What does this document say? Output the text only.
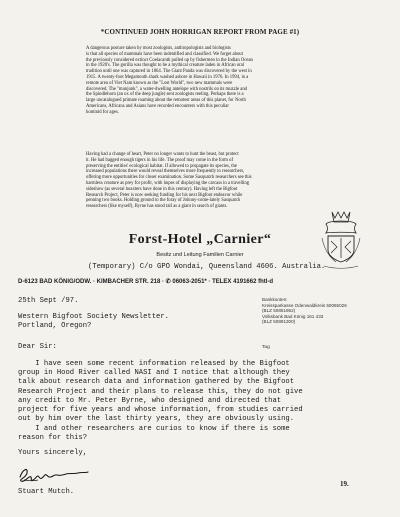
*CONTINUED JOHN HORRIGAN REPORT FROM PAGE #1)

A dangerous posture taken by most zoologists, anthropologists and biologists
is that all species of mammals have been indentified and classified. We forget about
the previously considered extinct Coelacanth pulled up by fishermen in the Indian Ocean
in the 1920's. The gorilla was thought to be a mythical creature laden in African oral
tradition until one was captured in 1864. The Giant Panda was discovered by the west in
1915. A twenty-foot Megamouth shark washed ashore in Hawaii in 1976. In 1994, in a
remote area of Viet Nam known as the "Lost World", two new mammals were
discovered. The "munjonk", a water-dwelling antelope with nostrils on its muzzle and
the Spindlehorn (an ox of the deep jungle) sent zoologists reeling. Perhaps there is a
large uncatalogued primate roaming about the remotest areas of this planet, for North
Americans, Africans and Asians have recorded encounters with this peculiar
hominid for ages.

Having had a change of heart, Peter no longer wants to hunt the beast, but protect
it. He had bagged enough tigers in his life. The proof may come in the form of
preserving the entities' ecological habitat. If allowed to propagate its species, the
increased populations there would reveal themselves more frequently to researchers,
offering more opportunities for closer examination. Some Sasquatch researchers see this
harmless creature as prey for profit, with hopes of displaying the carcass in a travelling
sideshow (as several hoaxters have done in this century). Having left the Bigfoot
Research Project, Peter is now seeking funding for his next Bigfoot endeavor while
penning two books. Holding ground to the foray of Johnny-come-lately Sasquatch
researchers (like myself), Byrne has stood tall as a giant in search of giants.

Forst-Hotel „Carnier“
Besitz und Leitung Familien Carnier
(Temporary) C/o GPO Wondai, Queensland 4606. Australia.
D-6123 BAD KÖNIG/ODW. · KIMBACHER STR. 218 · ✆ 06063-2051* · TELEX 4191662 fhtl-d
25th Sept /97.
Western Bigfoot Society Newsletter.
Portland, Oregon?
Bankkonten:
Kreissparkasse Odenwaldkreis 50065026
(BLZ 50851952)
Volksbank Bad König 161 433
(BLZ 50891300)
Tag
Dear Sir:

I have seen some recent information released by the Bigfoot
group in Hood River called NASI and I notice that although they
talk about research data and information gathered by the Bigfoot
Research Project and their plans to release this, they do not give
any credit to Mr. Peter Byrne, who designed and directed that
project for five years and whose information, from studies carried
out by him over the last thirty years, they are obviously using.

I and other researchers are curios to know if there is some
reason for this?

Yours sincerely,
Stuart Mutch.
19.
